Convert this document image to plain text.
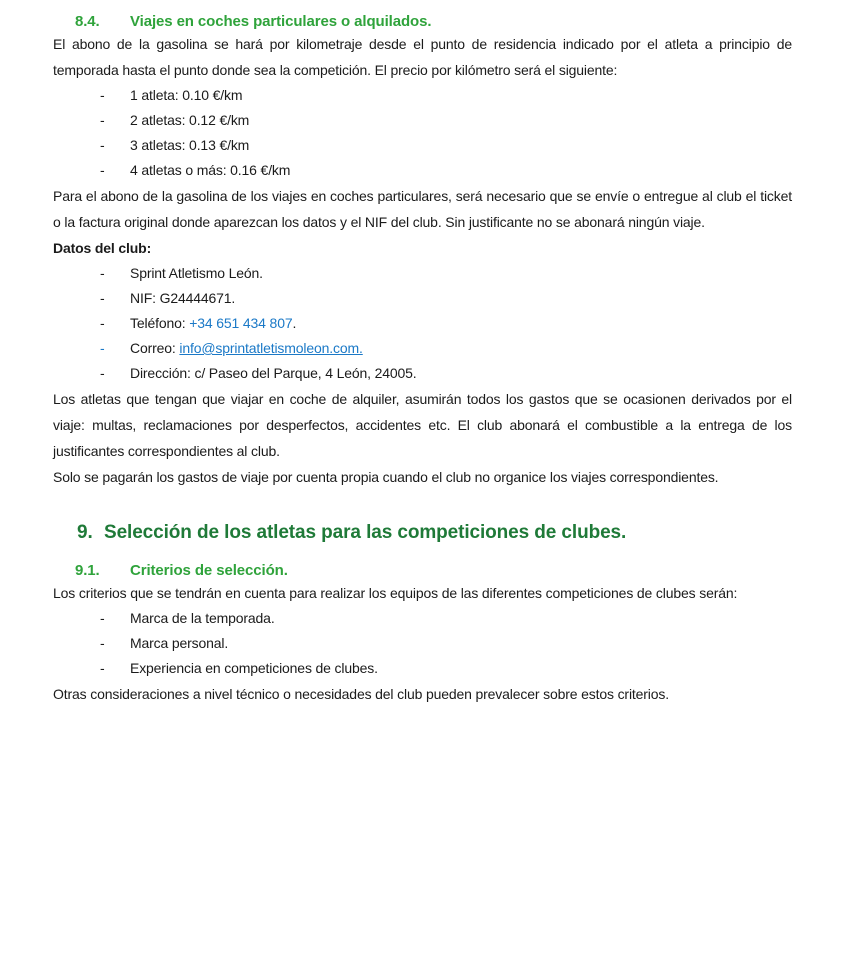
8.4.	Viajes en coches particulares o alquilados.

El abono de la gasolina se hará por kilometraje desde el punto de residencia indicado por el atleta a principio de temporada hasta el punto donde sea la competición. El precio por kilómetro será el siguiente:

-	1 atleta: 0.10 €/km
-	2 atletas: 0.12 €/km
-	3 atletas: 0.13 €/km
-	4 atletas o más: 0.16 €/km

Para el abono de la gasolina de los viajes en coches particulares, será necesario que se envíe o entregue al club el ticket o la factura original donde aparezcan los datos y el NIF del club. Sin justificante no se abonará ningún viaje.

Datos del club:

-	Sprint Atletismo León.
-	NIF: G24444671.
-	Teléfono: +34 651 434 807.
-	Correo: info@sprintatletismoleon.com.
-	Dirección: c/ Paseo del Parque, 4 León, 24005.

Los atletas que tengan que viajar en coche de alquiler, asumirán todos los gastos que se ocasionen derivados por el viaje: multas, reclamaciones por desperfectos, accidentes etc. El club abonará el combustible a la entrega de los justificantes correspondientes al club.

Solo se pagarán los gastos de viaje por cuenta propia cuando el club no organice los viajes correspondientes.

9. Selección de los atletas para las competiciones de clubes.
9.1.	Criterios de selección.

Los criterios que se tendrán en cuenta para realizar los equipos de las diferentes competiciones de clubes serán:

-	Marca de la temporada.
-	Marca personal.
-	Experiencia en competiciones de clubes.

Otras consideraciones a nivel técnico o necesidades del club pueden prevalecer sobre estos criterios.
